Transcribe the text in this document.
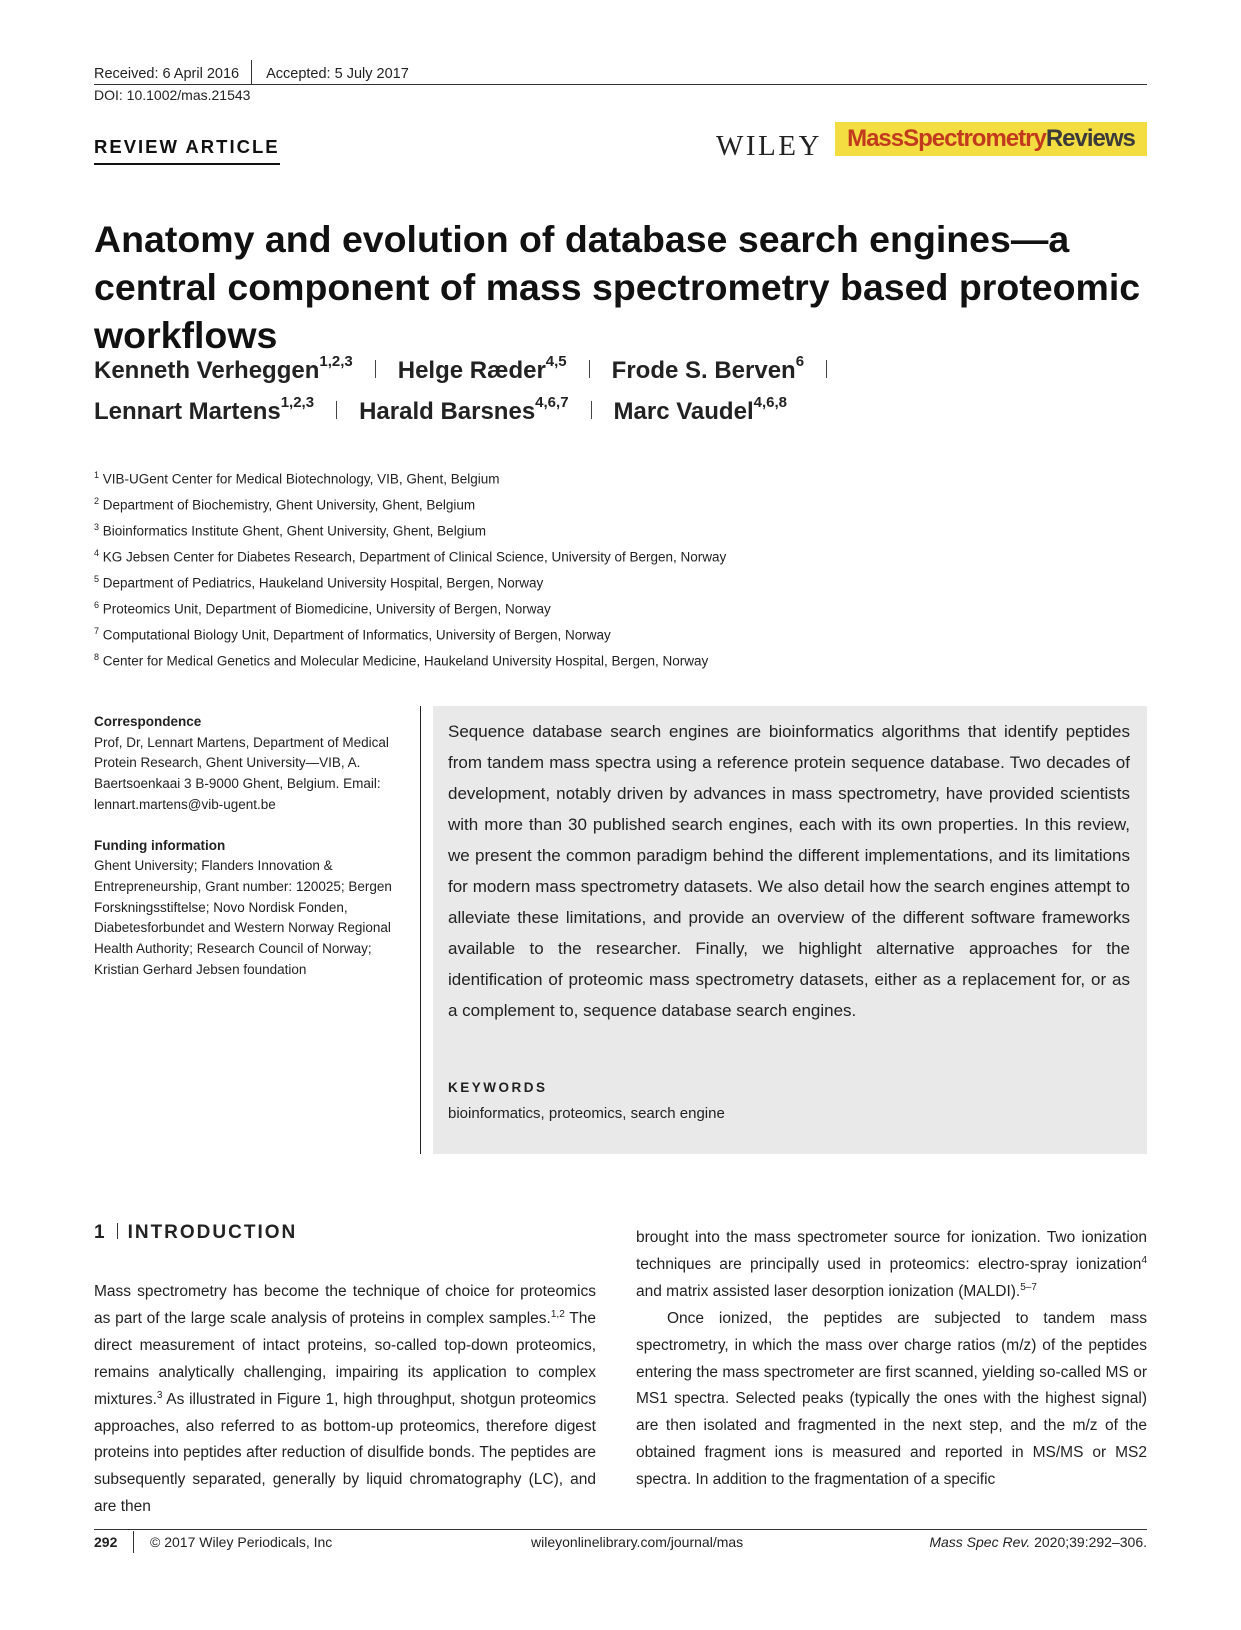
Received: 6 April 2016 Accepted: 5 July 2017
DOI: 10.1002/mas.21543
REVIEW ARTICLE	WILEY	MassSpectrometryReviews
Anatomy and evolution of database search engines—a central component of mass spectrometry based proteomic workflows
Kenneth Verheggen$^{1,2,3}$ Helge Ræder$^{4,5}$ Frode S. Berven$^6$
Lennart Martens$^{1,2,3}$ Harald Barsnes$^{4,6,7}$ Marc Vaudel$^{4,6,8}$
$^1$ VIB-UGent Center for Medical Biotechnology, VIB, Ghent, Belgium
$^2$ Department of Biochemistry, Ghent University, Ghent, Belgium
$^3$ Bioinformatics Institute Ghent, Ghent University, Ghent, Belgium
$^4$ KG Jebsen Center for Diabetes Research, Department of Clinical Science, University of Bergen, Norway
$^5$ Department of Pediatrics, Haukeland University Hospital, Bergen, Norway
$^6$ Proteomics Unit, Department of Biomedicine, University of Bergen, Norway
$^7$ Computational Biology Unit, Department of Informatics, University of Bergen, Norway
$^8$ Center for Medical Genetics and Molecular Medicine, Haukeland University Hospital, Bergen, Norway
Correspondence
Prof, Dr, Lennart Martens, Department of Medical Protein Research, Ghent University—VIB, A. Baertsoenkaai 3 B-9000 Ghent, Belgium. Email: lennart.martens@vib-ugent.be
Funding information
Ghent University; Flanders Innovation & Entrepreneurship, Grant number: 120025; Bergen Forskningsstiftelse; Novo Nordisk Fonden, Diabetesforbundet and Western Norway Regional Health Authority; Research Council of Norway; Kristian Gerhard Jebsen foundation
Sequence database search engines are bioinformatics algorithms that identify peptides from tandem mass spectra using a reference protein sequence database. Two decades of development, notably driven by advances in mass spectrometry, have provided scientists with more than 30 published search engines, each with its own properties. In this review, we present the common paradigm behind the different implementations, and its limitations for modern mass spectrometry datasets. We also detail how the search engines attempt to alleviate these limitations, and provide an overview of the different software frameworks available to the researcher. Finally, we highlight alternative approaches for the identification of proteomic mass spectrometry datasets, either as a replacement for, or as a complement to, sequence database search engines.
KEYWORDS
bioinformatics, proteomics, search engine
1 INTRODUCTION

Mass spectrometry has become the technique of choice for proteomics as part of the large scale analysis of proteins in complex samples.$^{1,2}$ The direct measurement of intact proteins, so-called top-down proteomics, remains analytically challenging, impairing its application to complex mixtures.$^3$ As illustrated in Figure 1, high throughput, shotgun proteomics approaches, also referred to as bottom-up proteomics, therefore digest proteins into peptides after reduction of disulfide bonds. The peptides are subsequently separated, generally by liquid chromatography (LC), and are then

brought into the mass spectrometer source for ionization. Two ionization techniques are principally used in proteomics: electro-spray ionization$^4$ and matrix assisted laser desorption ionization (MALDI).$^{5-7}$

Once ionized, the peptides are subjected to tandem mass spectrometry, in which the mass over charge ratios (m/z) of the peptides entering the mass spectrometer are first scanned, yielding so-called MS or MS1 spectra. Selected peaks (typically the ones with the highest signal) are then isolated and fragmented in the next step, and the m/z of the obtained fragment ions is measured and reported in MS/MS or MS2 spectra. In addition to the fragmentation of a specific

292 © 2017 Wiley Periodicals, Inc	wileyonlinelibrary.com/journal/mas	Mass Spec Rev. 2020;39:292–306.
